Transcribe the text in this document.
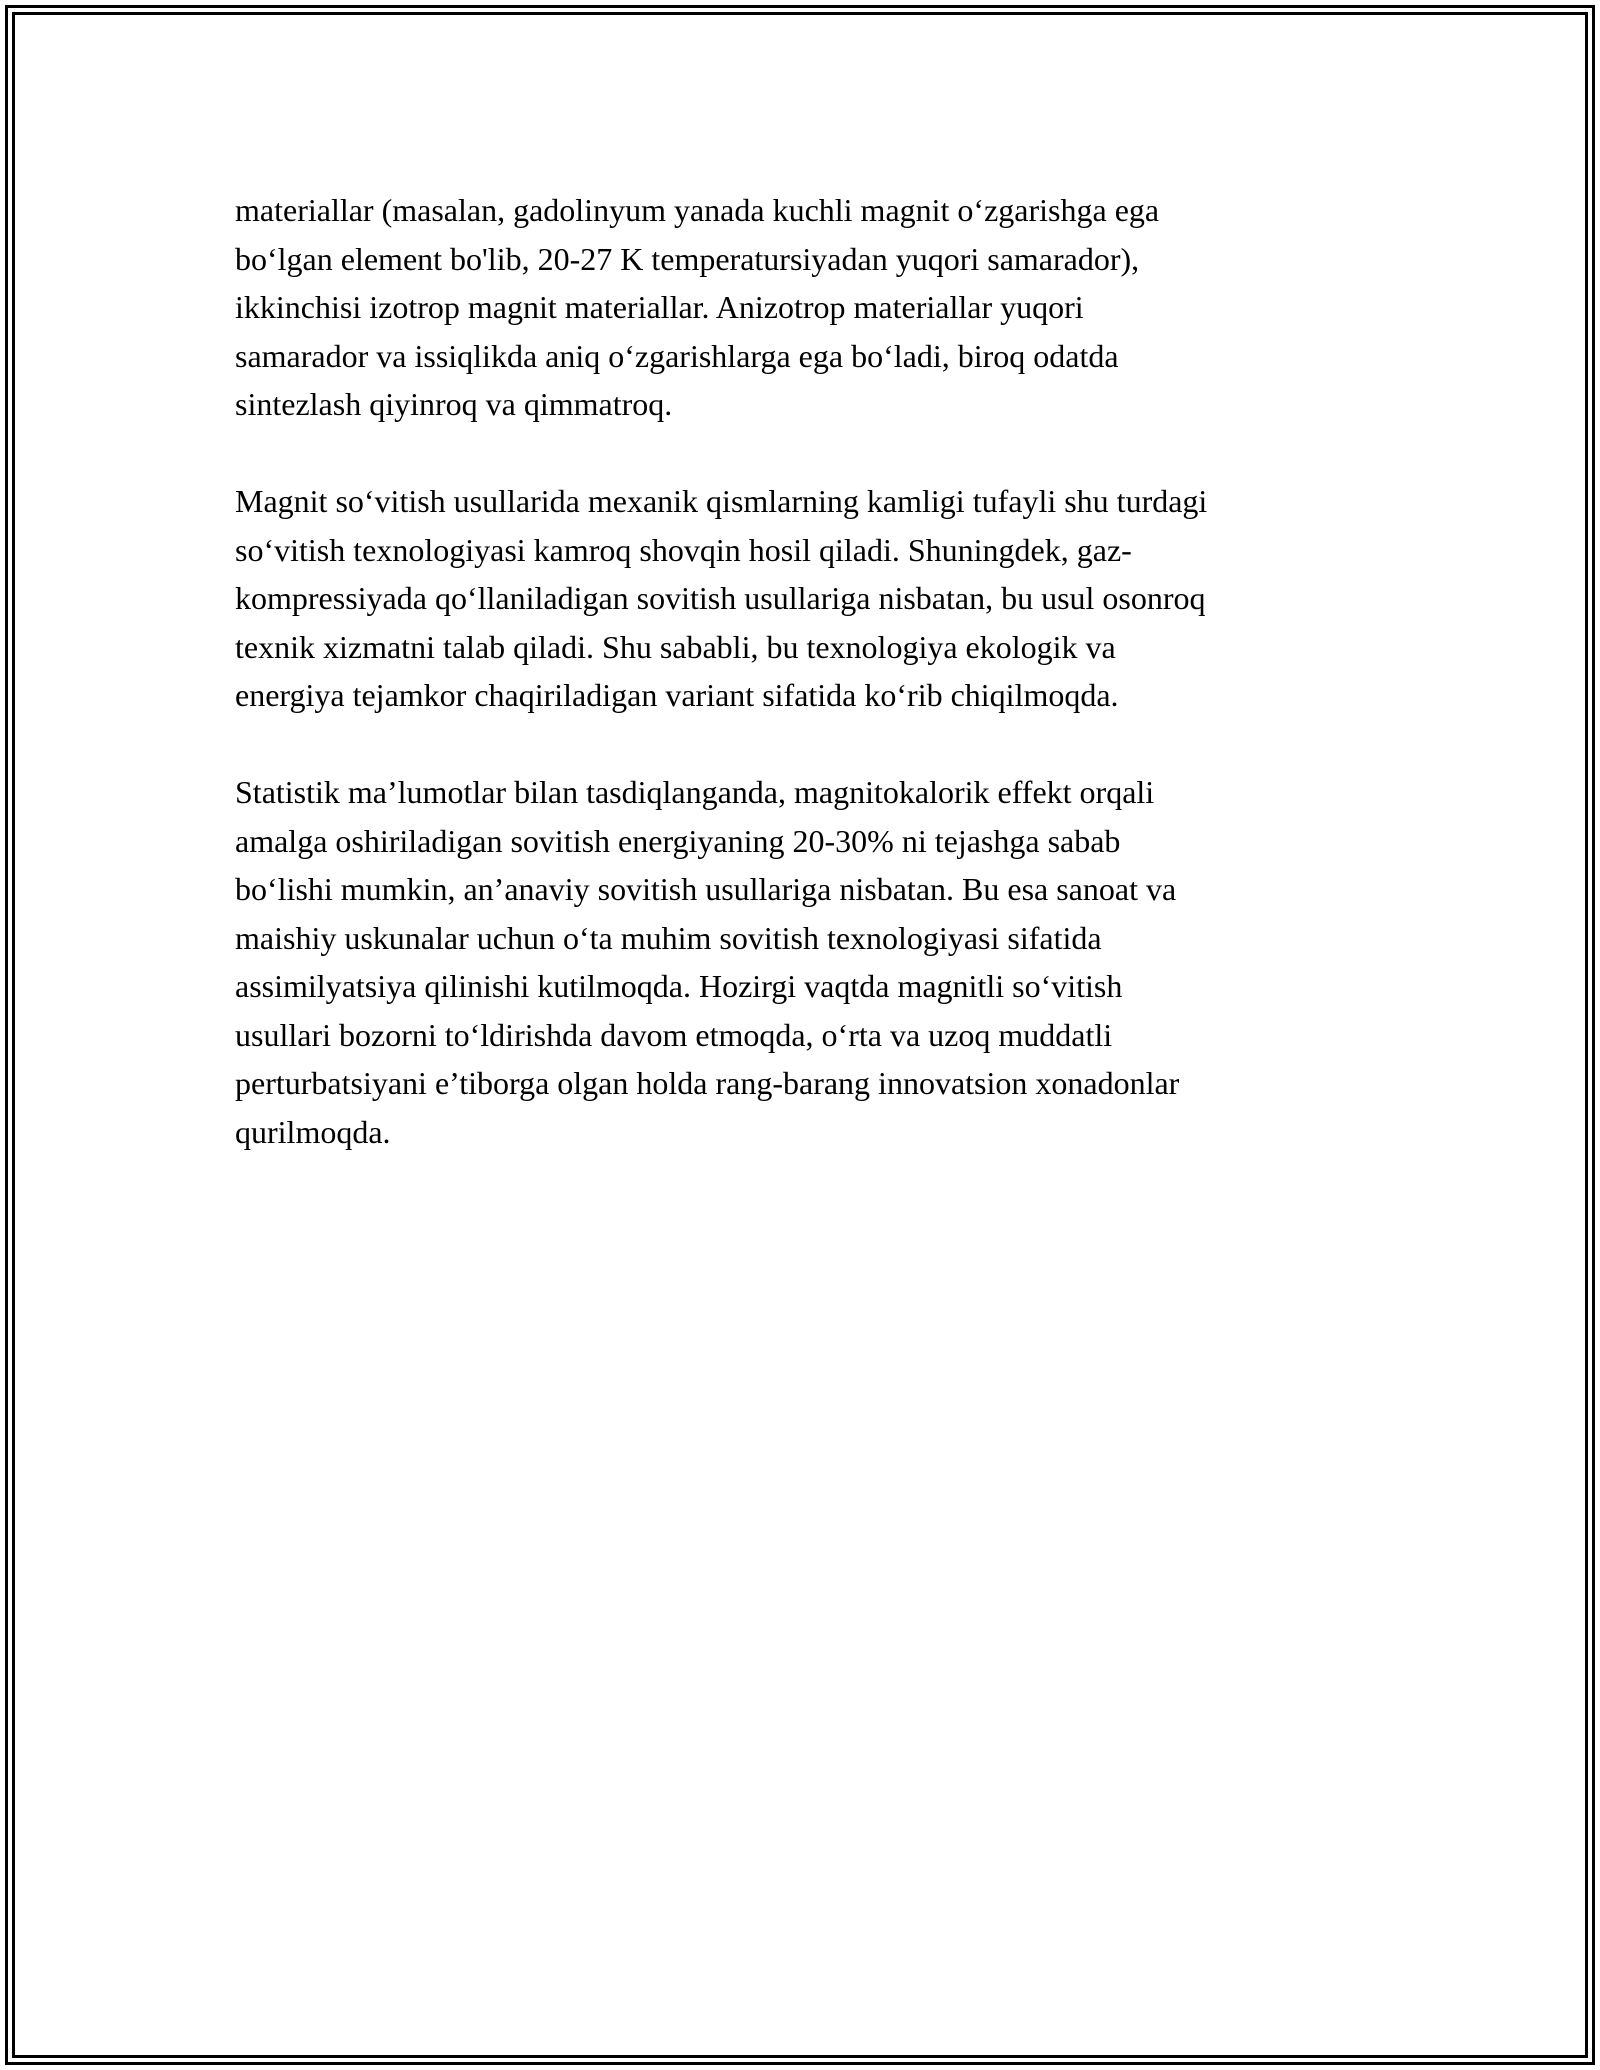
materiallar (masalan, gadolinyum yanada kuchli magnit o‘zgarishga ega
bo‘lgan element bo'lib, 20-27 K temperatursiyadan yuqori samarador),
ikkinchisi izotrop magnit materiallar. Anizotrop materiallar yuqori
samarador va issiqlikda aniq o‘zgarishlarga ega bo‘ladi, biroq odatda
sintezlash qiyinroq va qimmatroq.

Magnit so‘vitish usullarida mexanik qismlarning kamligi tufayli shu turdagi
so‘vitish texnologiyasi kamroq shovqin hosil qiladi. Shuningdek, gaz-
kompressiyada qo‘llaniladigan sovitish usullariga nisbatan, bu usul osonroq
texnik xizmatni talab qiladi. Shu sababli, bu texnologiya ekologik va
energiya tejamkor chaqiriladigan variant sifatida ko‘rib chiqilmoqda.

Statistik ma’lumotlar bilan tasdiqlanganda, magnitokalorik effekt orqali
amalga oshiriladigan sovitish energiyaning 20-30% ni tejashga sabab
bo‘lishi mumkin, an’anaviy sovitish usullariga nisbatan. Bu esa sanoat va
maishiy uskunalar uchun o‘ta muhim sovitish texnologiyasi sifatida
assimilyatsiya qilinishi kutilmoqda. Hozirgi vaqtda magnitli so‘vitish
usullari bozorni to‘ldirishda davom etmoqda, o‘rta va uzoq muddatli
perturbatsiyani e’tiborga olgan holda rang-barang innovatsion xonadonlar
qurilmoqda.
